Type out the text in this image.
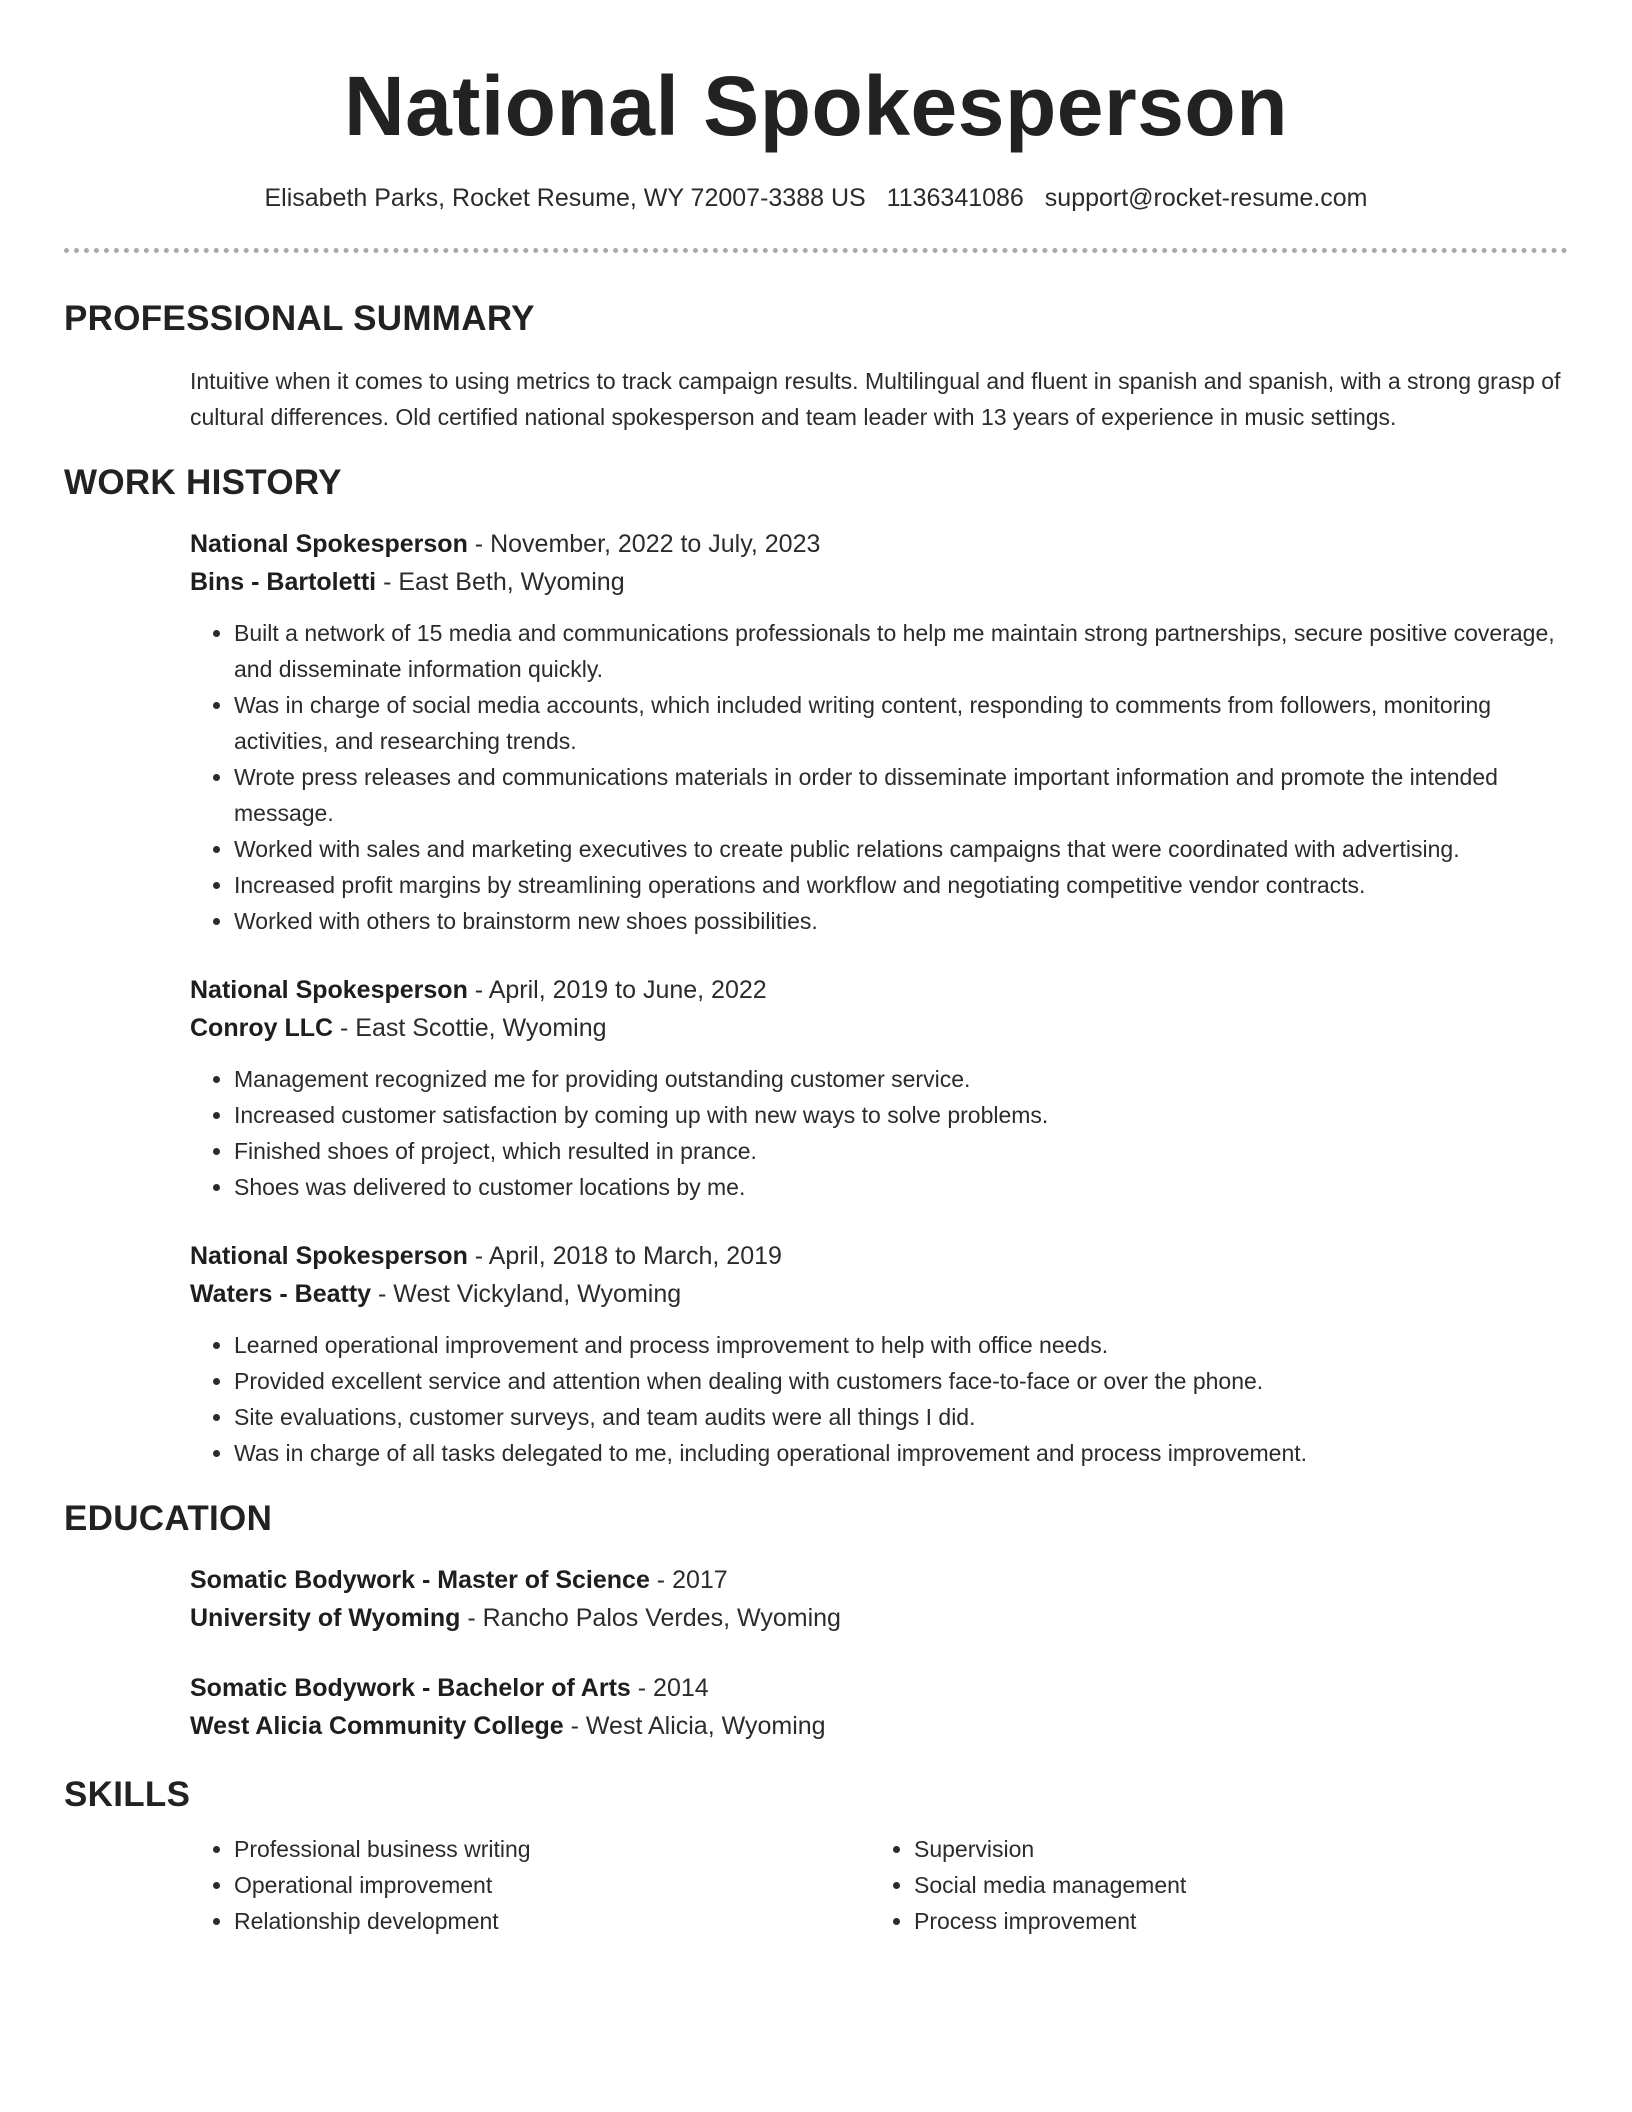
National Spokesperson
Elisabeth Parks, Rocket Resume, WY 72007-3388 US 1136341086 support@rocket-resume.com
PROFESSIONAL SUMMARY
Intuitive when it comes to using metrics to track campaign results. Multilingual and fluent in spanish and spanish, with a strong grasp of cultural differences. Old certified national spokesperson and team leader with 13 years of experience in music settings.
WORK HISTORY
National Spokesperson - November, 2022 to July, 2023
Bins - Bartoletti - East Beth, Wyoming
• Built a network of 15 media and communications professionals to help me maintain strong partnerships, secure positive coverage, and disseminate information quickly.
• Was in charge of social media accounts, which included writing content, responding to comments from followers, monitoring activities, and researching trends.
• Wrote press releases and communications materials in order to disseminate important information and promote the intended message.
• Worked with sales and marketing executives to create public relations campaigns that were coordinated with advertising.
• Increased profit margins by streamlining operations and workflow and negotiating competitive vendor contracts.
• Worked with others to brainstorm new shoes possibilities.
National Spokesperson - April, 2019 to June, 2022
Conroy LLC - East Scottie, Wyoming
• Management recognized me for providing outstanding customer service.
• Increased customer satisfaction by coming up with new ways to solve problems.
• Finished shoes of project, which resulted in prance.
• Shoes was delivered to customer locations by me.
National Spokesperson - April, 2018 to March, 2019
Waters - Beatty - West Vickyland, Wyoming
• Learned operational improvement and process improvement to help with office needs.
• Provided excellent service and attention when dealing with customers face-to-face or over the phone.
• Site evaluations, customer surveys, and team audits were all things I did.
• Was in charge of all tasks delegated to me, including operational improvement and process improvement.
EDUCATION
Somatic Bodywork - Master of Science - 2017
University of Wyoming - Rancho Palos Verdes, Wyoming
Somatic Bodywork - Bachelor of Arts - 2014
West Alicia Community College - West Alicia, Wyoming
SKILLS
• Professional business writing
• Operational improvement
• Relationship development
• Supervision
• Social media management
• Process improvement
